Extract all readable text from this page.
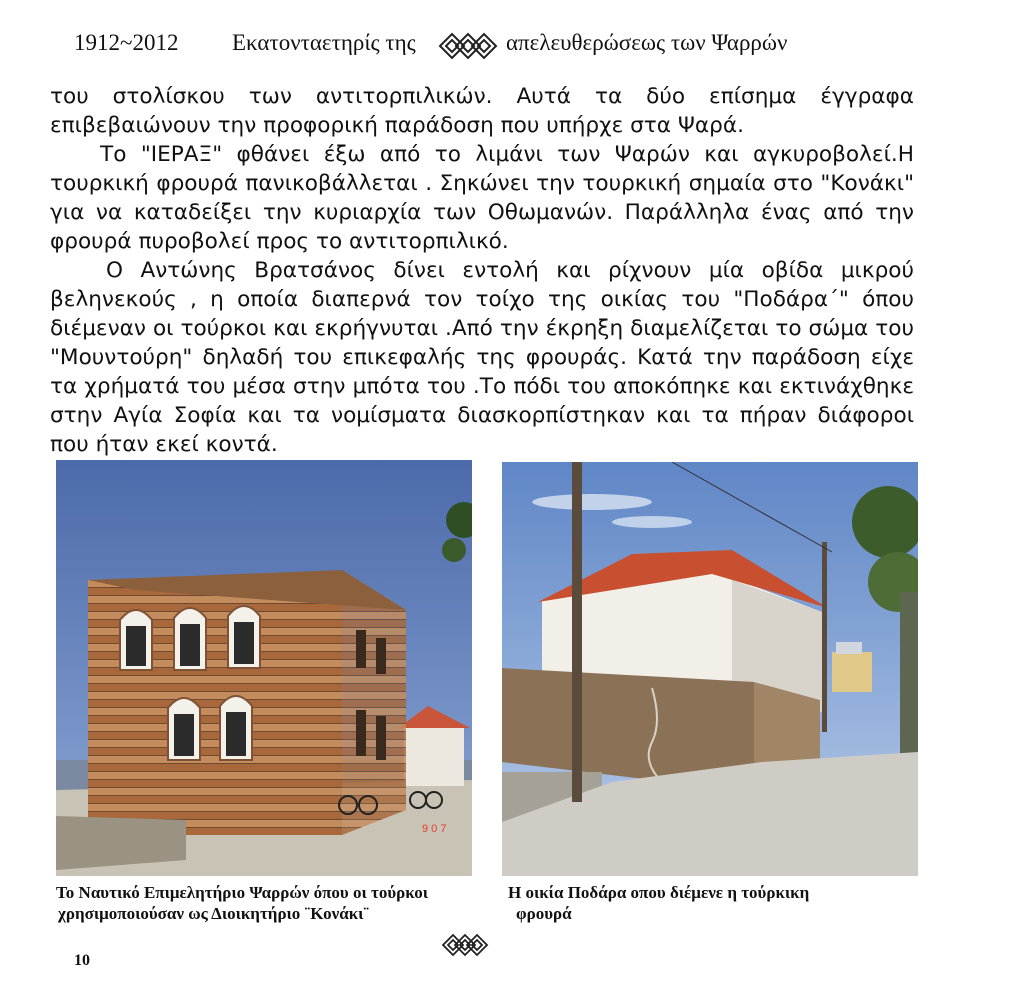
1912~2012 Εκατονταετηρίς της	απελευθερώσεως των Ψαρρών

του στολίσκου των αντιτορπιλικών. Αυτά τα δύο επίσημα έγγραφα επιβεβαιώνουν την προφορική παράδοση που υπήρχε στα Ψαρά.

Το "ΙΕΡΑΞ" φθάνει έξω από το λιμάνι των Ψαρών και αγκυροβολεί.Η τουρκική φρουρά πανικοβάλλεται . Σηκώνει την τουρκική σημαία στο "Κονάκι" για να καταδείξει την κυριαρχία των Οθωμανών. Παράλληλα ένας από την φρουρά πυροβολεί προς το αντιτορπιλικό.

Ο Αντώνης Βρατσάνος δίνει εντολή και ρίχνουν μία οβίδα μικρού βεληνεκούς , η οποία διαπερνά τον τοίχο της οικίας του "Ποδάρα΄" όπου διέμεναν οι τούρκοι και εκρήγνυται .Από την έκρηξη διαμελίζεται το σώμα του "Μουντούρη" δηλαδή του επικεφαλής της φρουράς. Κατά την παράδοση είχε τα χρήματά του μέσα στην μπότα του .Το πόδι του αποκόπηκε και εκτινάχθηκε στην Αγία Σοφία και τα νομίσματα διασκορπίστηκαν και τα πήραν διάφοροι που ήταν εκεί κοντά.

9 0 7
Το Ναυτικό Επιμελητήριο Ψαρρών όπου οι τούρκοι
χρησιμοποιούσαν ως Διοικητήριο ¨Κονάκι¨
Η οικία Ποδάρα οπου διέμενε η τούρκικη
φρουρά
10
